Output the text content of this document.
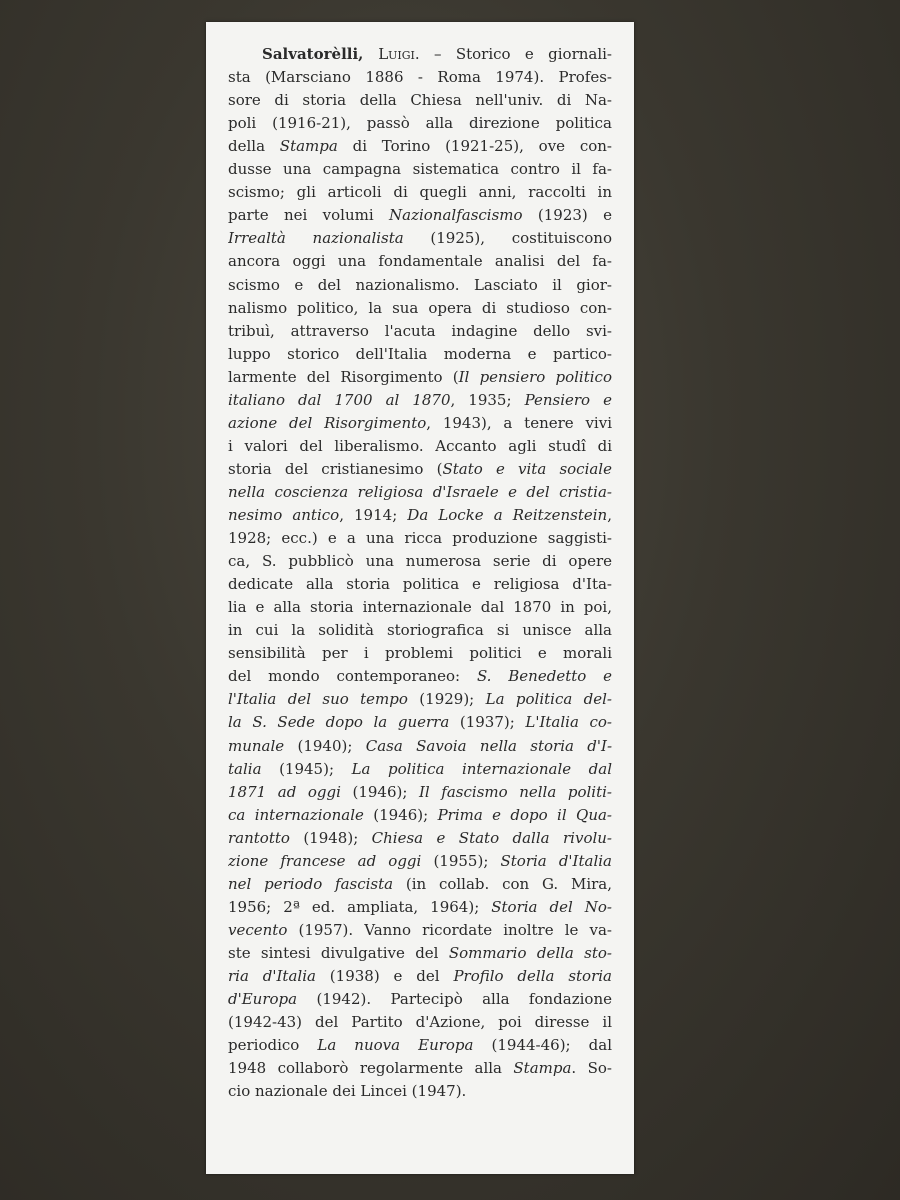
Salvatorèlli, Luigi. – Storico e giornali-
sta (Marsciano 1886 - Roma 1974). Profes-
sore di storia della Chiesa nell'univ. di Na-
poli (1916-21), passò alla direzione politica
della Stampa di Torino (1921-25), ove con-
dusse una campagna sistematica contro il fa-
scismo; gli articoli di quegli anni, raccolti in
parte nei volumi Nazionalfascismo (1923) e
Irrealtà nazionalista (1925), costituiscono
ancora oggi una fondamentale analisi del fa-
scismo e del nazionalismo. Lasciato il gior-
nalismo politico, la sua opera di studioso con-
tribuì, attraverso l'acuta indagine dello svi-
luppo storico dell'Italia moderna e partico-
larmente del Risorgimento (Il pensiero politico
italiano dal 1700 al 1870, 1935; Pensiero e
azione del Risorgimento, 1943), a tenere vivi
i valori del liberalismo. Accanto agli studî di
storia del cristianesimo (Stato e vita sociale
nella coscienza religiosa d'Israele e del cristia-
nesimo antico, 1914; Da Locke a Reitzenstein,
1928; ecc.) e a una ricca produzione saggisti-
ca, S. pubblicò una numerosa serie di opere
dedicate alla storia politica e religiosa d'Ita-
lia e alla storia internazionale dal 1870 in poi,
in cui la solidità storiografica si unisce alla
sensibilità per i problemi politici e morali
del mondo contemporaneo: S. Benedetto e
l'Italia del suo tempo (1929); La politica del-
la S. Sede dopo la guerra (1937); L'Italia co-
munale (1940); Casa Savoia nella storia d'I-
talia (1945); La politica internazionale dal
1871 ad oggi (1946); Il fascismo nella politi-
ca internazionale (1946); Prima e dopo il Qua-
rantotto (1948); Chiesa e Stato dalla rivolu-
zione francese ad oggi (1955); Storia d'Italia
nel periodo fascista (in collab. con G. Mira,
1956; 2ª ed. ampliata, 1964); Storia del No-
vecento (1957). Vanno ricordate inoltre le va-
ste sintesi divulgative del Sommario della sto-
ria d'Italia (1938) e del Profilo della storia
d'Europa (1942). Partecipò alla fondazione
(1942-43) del Partito d'Azione, poi diresse il
periodico La nuova Europa (1944-46); dal
1948 collaborò regolarmente alla Stampa. So-
cio nazionale dei Lincei (1947).
